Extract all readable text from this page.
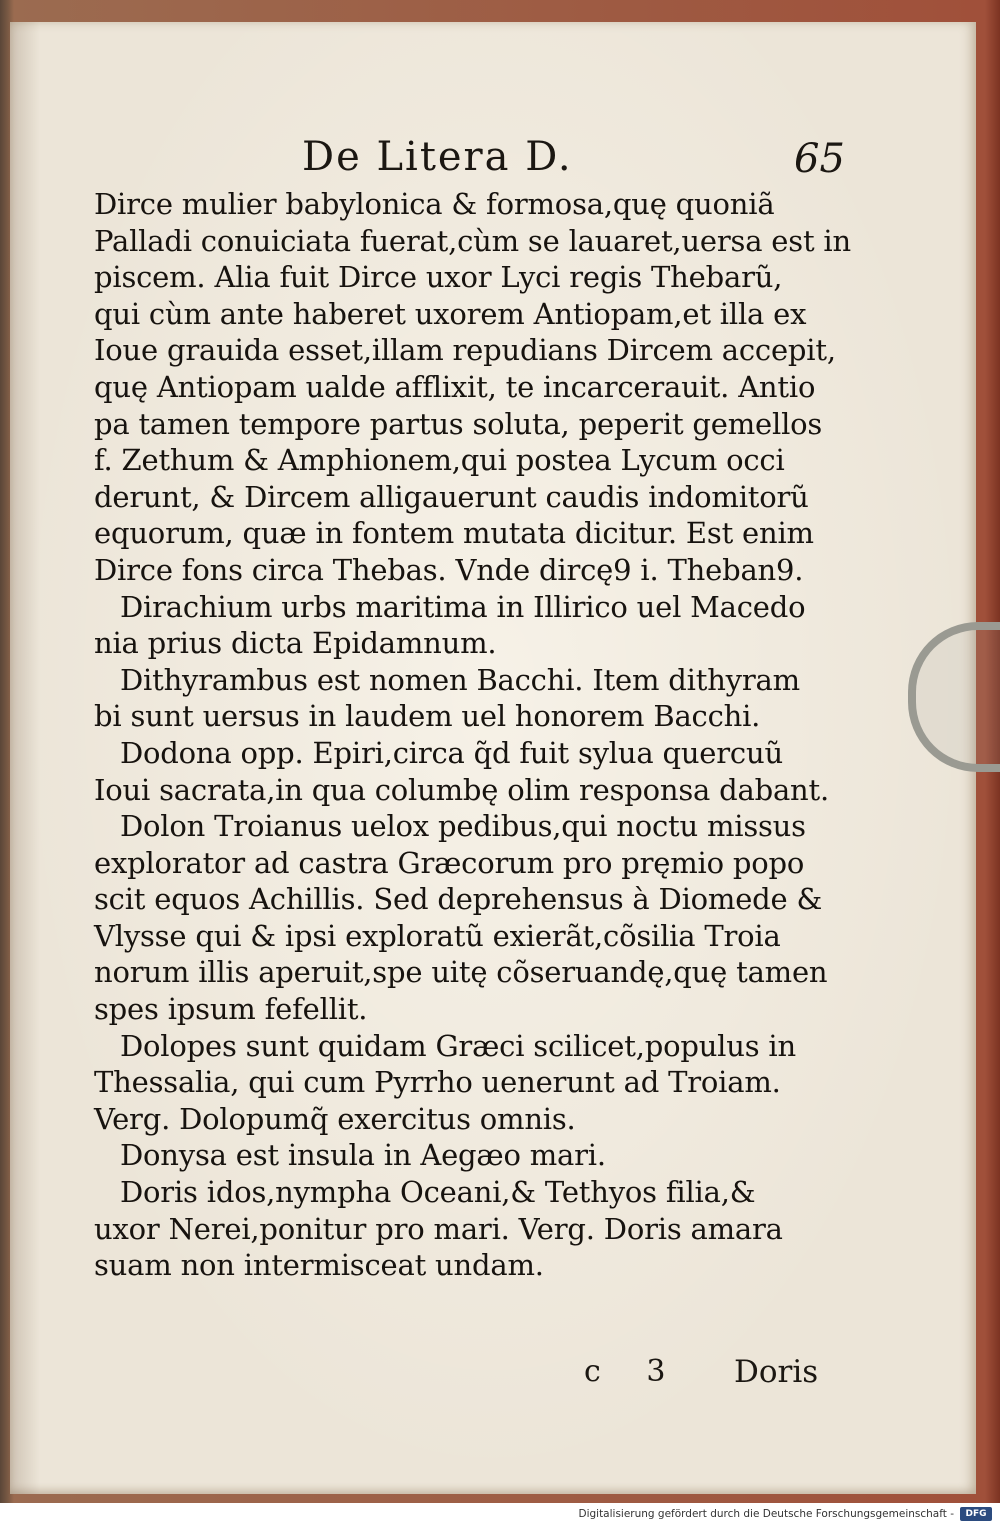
De Litera D.	65
Dirce mulier babylonica & formosa,quę quoniã
Palladi conuiciata fuerat,cùm se lauaret,uersa est in
piscem. Alia fuit Dirce uxor Lyci regis Thebarũ,
qui cùm ante haberet uxorem Antiopam,et illa ex
Ioue grauida esset,illam repudians Dircem accepit,
quę Antiopam ualde afflixit, te incarcerauit. Antio
pa tamen tempore partus soluta, peperit gemellos
f. Zethum & Amphionem,qui postea Lycum occi
derunt, & Dircem alligauerunt caudis indomitorũ
equorum, quæ in fontem mutata dicitur. Est enim
Dirce fons circa Thebas. Vnde dircę9 i. Theban9.
Dirachium urbs maritima in Illirico uel Macedo
nia prius dicta Epidamnum.
Dithyrambus est nomen Bacchi. Item dithyram
bi sunt uersus in laudem uel honorem Bacchi.
Dodona opp. Epiri,circa q̃d fuit sylua quercuũ
Ioui sacrata,in qua columbę olim responsa dabant.
Dolon Troianus uelox pedibus,qui noctu missus
explorator ad castra Græcorum pro pręmio popo
scit equos Achillis. Sed deprehensus à Diomede &
Vlysse qui & ipsi exploratũ exierãt,cõsilia Troia
norum illis aperuit,spe uitę cõseruandę,quę tamen
spes ipsum fefellit.
Dolopes sunt quidam Græci scilicet,populus in
Thessalia, qui cum Pyrrho uenerunt ad Troiam.
Verg. Dolopumq̃ exercitus omnis.
Donysa est insula in Aegæo mari.
Doris idos,nympha Oceani,& Tethyos filia,&
uxor Nerei,ponitur pro mari. Verg. Doris amara
suam non intermisceat undam.
c 3 Doris
Digitalisierung gefördert durch die Deutsche Forschungsgemeinschaft -	DFG
